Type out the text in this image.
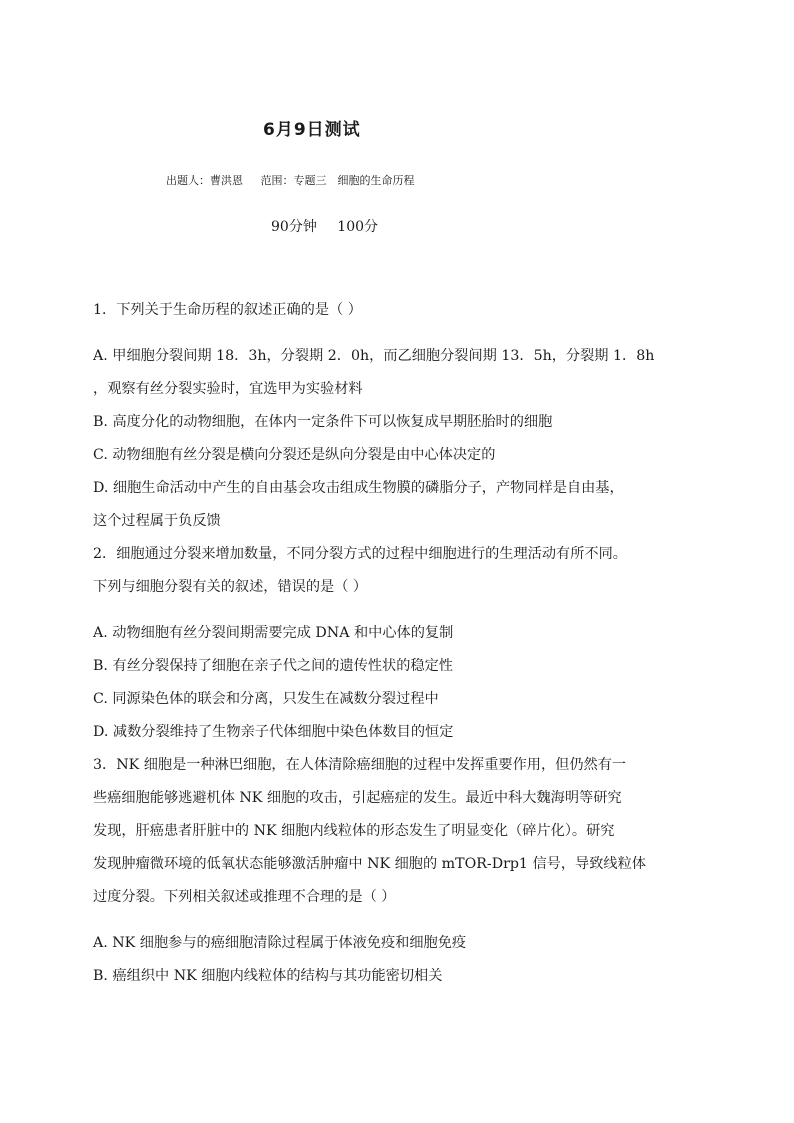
6月9日测试
出题人：曹洪恩 范围：专题三　细胞的生命历程
90分钟 100分
1．下列关于生命历程的叙述正确的是（ ）
A. 甲细胞分裂间期 18．3h，分裂期 2．0h，而乙细胞分裂间期 13．5h，分裂期 1．8h
，观察有丝分裂实验时，宜选甲为实验材料
B. 高度分化的动物细胞，在体内一定条件下可以恢复成早期胚胎时的细胞
C. 动物细胞有丝分裂是横向分裂还是纵向分裂是由中心体决定的
D. 细胞生命活动中产生的自由基会攻击组成生物膜的磷脂分子，产物同样是自由基，
这个过程属于负反馈
2．细胞通过分裂来增加数量，不同分裂方式的过程中细胞进行的生理活动有所不同。
下列与细胞分裂有关的叙述，错误的是（ ）
A. 动物细胞有丝分裂间期需要完成 DNA 和中心体的复制
B. 有丝分裂保持了细胞在亲子代之间的遗传性状的稳定性
C. 同源染色体的联会和分离，只发生在减数分裂过程中
D. 减数分裂维持了生物亲子代体细胞中染色体数目的恒定
3．NK 细胞是一种淋巴细胞，在人体清除癌细胞的过程中发挥重要作用，但仍然有一
些癌细胞能够逃避机体 NK 细胞的攻击，引起癌症的发生。最近中科大魏海明等研究
发现，肝癌患者肝脏中的 NK 细胞内线粒体的形态发生了明显变化（碎片化）。研究
发现肿瘤微环境的低氧状态能够激活肿瘤中 NK 细胞的 mTOR-Drp1 信号，导致线粒体
过度分裂。下列相关叙述或推理不合理的是（ ）
A. NK 细胞参与的癌细胞清除过程属于体液免疫和细胞免疫
B. 癌组织中 NK 细胞内线粒体的结构与其功能密切相关
